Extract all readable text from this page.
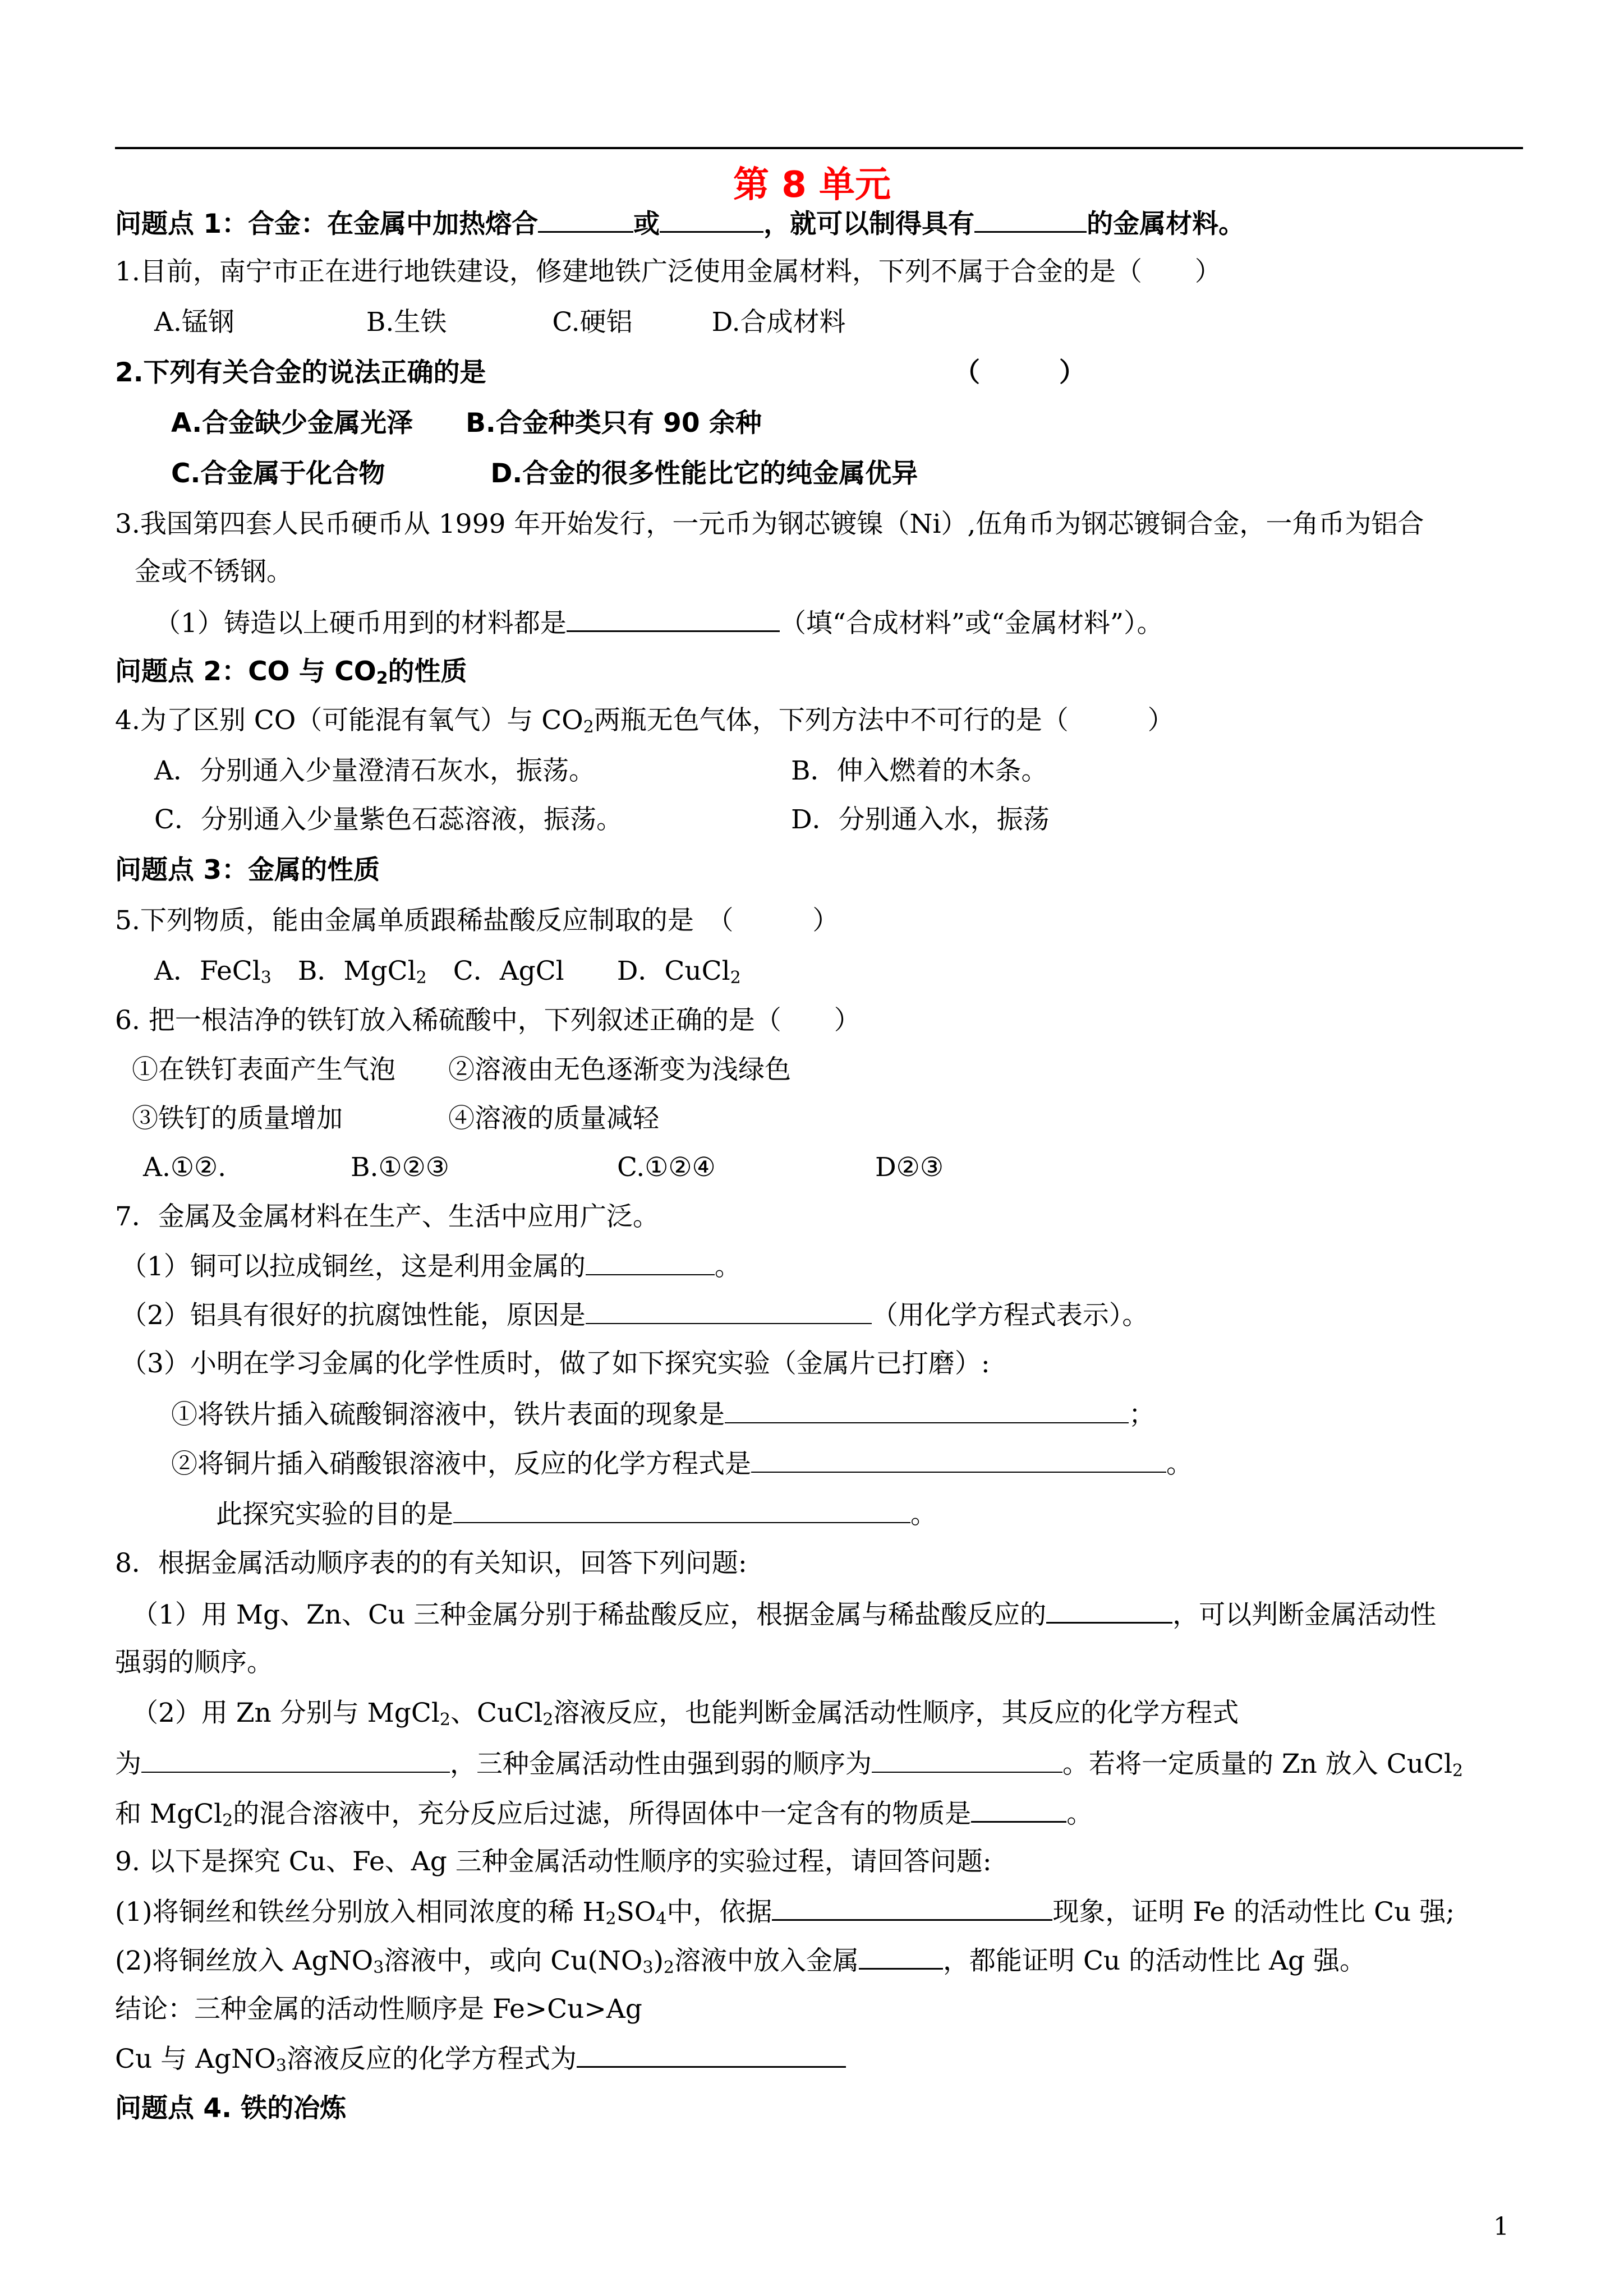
第 8 单元
问题点 1：合金：在金属中加热熔合	或	，就可以制得具有	的金属材料。
1.目前，南宁市正在进行地铁建设，修建地铁广泛使用金属材料，下列不属于合金的是（　　）
A.锰钢　　　　　B.生铁　　　　C.硬铝　　　D.合成材料
2.下列有关合金的说法正确的是	（　　　）
A.合金缺少金属光泽　　B.合金种类只有 90 余种
C.合金属于化合物　　　　D.合金的很多性能比它的纯金属优异
3.我国第四套人民币硬币从 1999 年开始发行，一元币为钢芯镀镍（Ni）,伍角币为钢芯镀铜合金，一角币为铝合
金或不锈钢。
（1）铸造以上硬币用到的材料都是	（填“合成材料”或“金属材料”）。
问题点 2：CO 与 $CO_2$的性质
4.为了区别 CO（可能混有氧气）与 $CO_2$两瓶无色气体，下列方法中不可行的是（　　　）
A．分别通入少量澄清石灰水，振荡。	B．伸入燃着的木条。
C．分别通入少量紫色石蕊溶液，振荡。	D．分别通入水，振荡
问题点 3：金属的性质
5.下列物质，能由金属单质跟稀盐酸反应制取的是　（　　　）
A．FeCl$_3$　B．MgCl$_2$　C．AgCl　　D．CuCl$_2$
6. 把一根洁净的铁钉放入稀硫酸中，下列叙述正确的是（　　）
①在铁钉表面产生气泡　　②溶液由无色逐渐变为浅绿色
③铁钉的质量增加　　　　④溶液的质量减轻
A.①②.	B.①②③	C.①②④	D②③
7．金属及金属材料在生产、生活中应用广泛。
（1）铜可以拉成铜丝，这是利用金属的	。
（2）铝具有很好的抗腐蚀性能，原因是	（用化学方程式表示）。
（3）小明在学习金属的化学性质时，做了如下探究实验（金属片已打磨）:
①将铁片插入硫酸铜溶液中，铁片表面的现象是	；
②将铜片插入硝酸银溶液中，反应的化学方程式是	。
此探究实验的目的是	。
8．根据金属活动顺序表的的有关知识，回答下列问题:
（1）用 Mg、Zn、Cu 三种金属分别于稀盐酸反应，根据金属与稀盐酸反应的	，可以判断金属活动性
强弱的顺序。
（2）用 Zn 分别与 MgCl$_2$、CuCl$_2$溶液反应，也能判断金属活动性顺序，其反应的化学方程式
为	，三种金属活动性由强到弱的顺序为	。若将一定质量的 Zn 放入 CuCl$_2$
和 MgCl$_2$的混合溶液中，充分反应后过滤，所得固体中一定含有的物质是	。
9. 以下是探究 Cu、Fe、Ag 三种金属活动性顺序的实验过程，请回答问题:
(1)将铜丝和铁丝分别放入相同浓度的稀 $H_2SO_4$中，依据	现象，证明 Fe 的活动性比 Cu 强;
(2)将铜丝放入 AgNO$_3$溶液中，或向 $Cu(NO_3)_2$溶液中放入金属	，都能证明 Cu 的活动性比 Ag 强。
结论：三种金属的活动性顺序是 Fe>Cu>Ag
Cu 与 AgNO$_3$溶液反应的化学方程式为
问题点 4. 铁的冶炼
1
